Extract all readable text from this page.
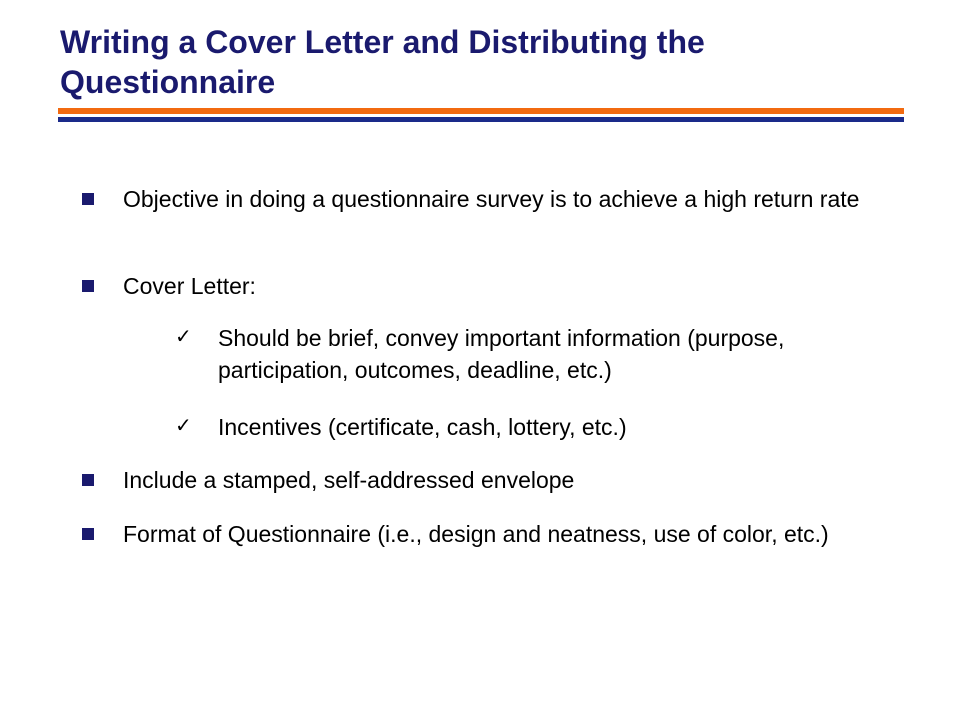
Writing a Cover Letter and Distributing the Questionnaire
Objective in doing a questionnaire survey is to achieve a high return rate
Cover Letter:
✓ Should be brief, convey important information (purpose, participation, outcomes, deadline, etc.)
✓ Incentives (certificate, cash, lottery, etc.)
Include a stamped, self-addressed envelope
Format of Questionnaire (i.e., design and neatness, use of color, etc.)
